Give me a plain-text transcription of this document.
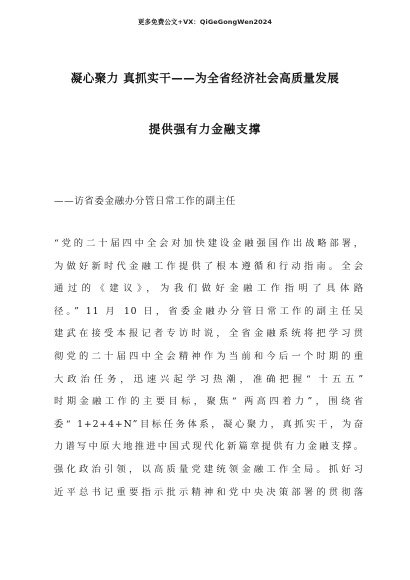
更多免费公文+VX：QiGeGongWen2024
凝心聚力 真抓实干——为全省经济社会高质量发展
提供强有力金融支撑
——访省委金融办分管日常工作的副主任
“党的二十届四中全会对加快建设金融强国作出战略部署，
为做好新时代金融工作提供了根本遵循和行动指南。全会
通过的《建议》，为我们做好金融工作指明了具体路
径。” 11 月 10 日，省委金融办分管日常工作的副主任吴
建武在接受本报记者专访时说，全省金融系统将把学习贯
彻党的二十届四中全会精神作为当前和今后一个时期的重
大政治任务，迅速兴起学习热潮，准确把握“ 十五五”
时期金融工作的主要目标，聚焦“ 两高四着力”，围绕省
委“ 1+2+4+N”目标任务体系，凝心聚力，真抓实干，为奋
力谱写中原大地推进中国式现代化新篇章提供有力金融支撑。
强化政治引领，以高质量党建统领金融工作全局。抓好习
近平总书记重要指示批示精神和党中央决策部署的贯彻落
